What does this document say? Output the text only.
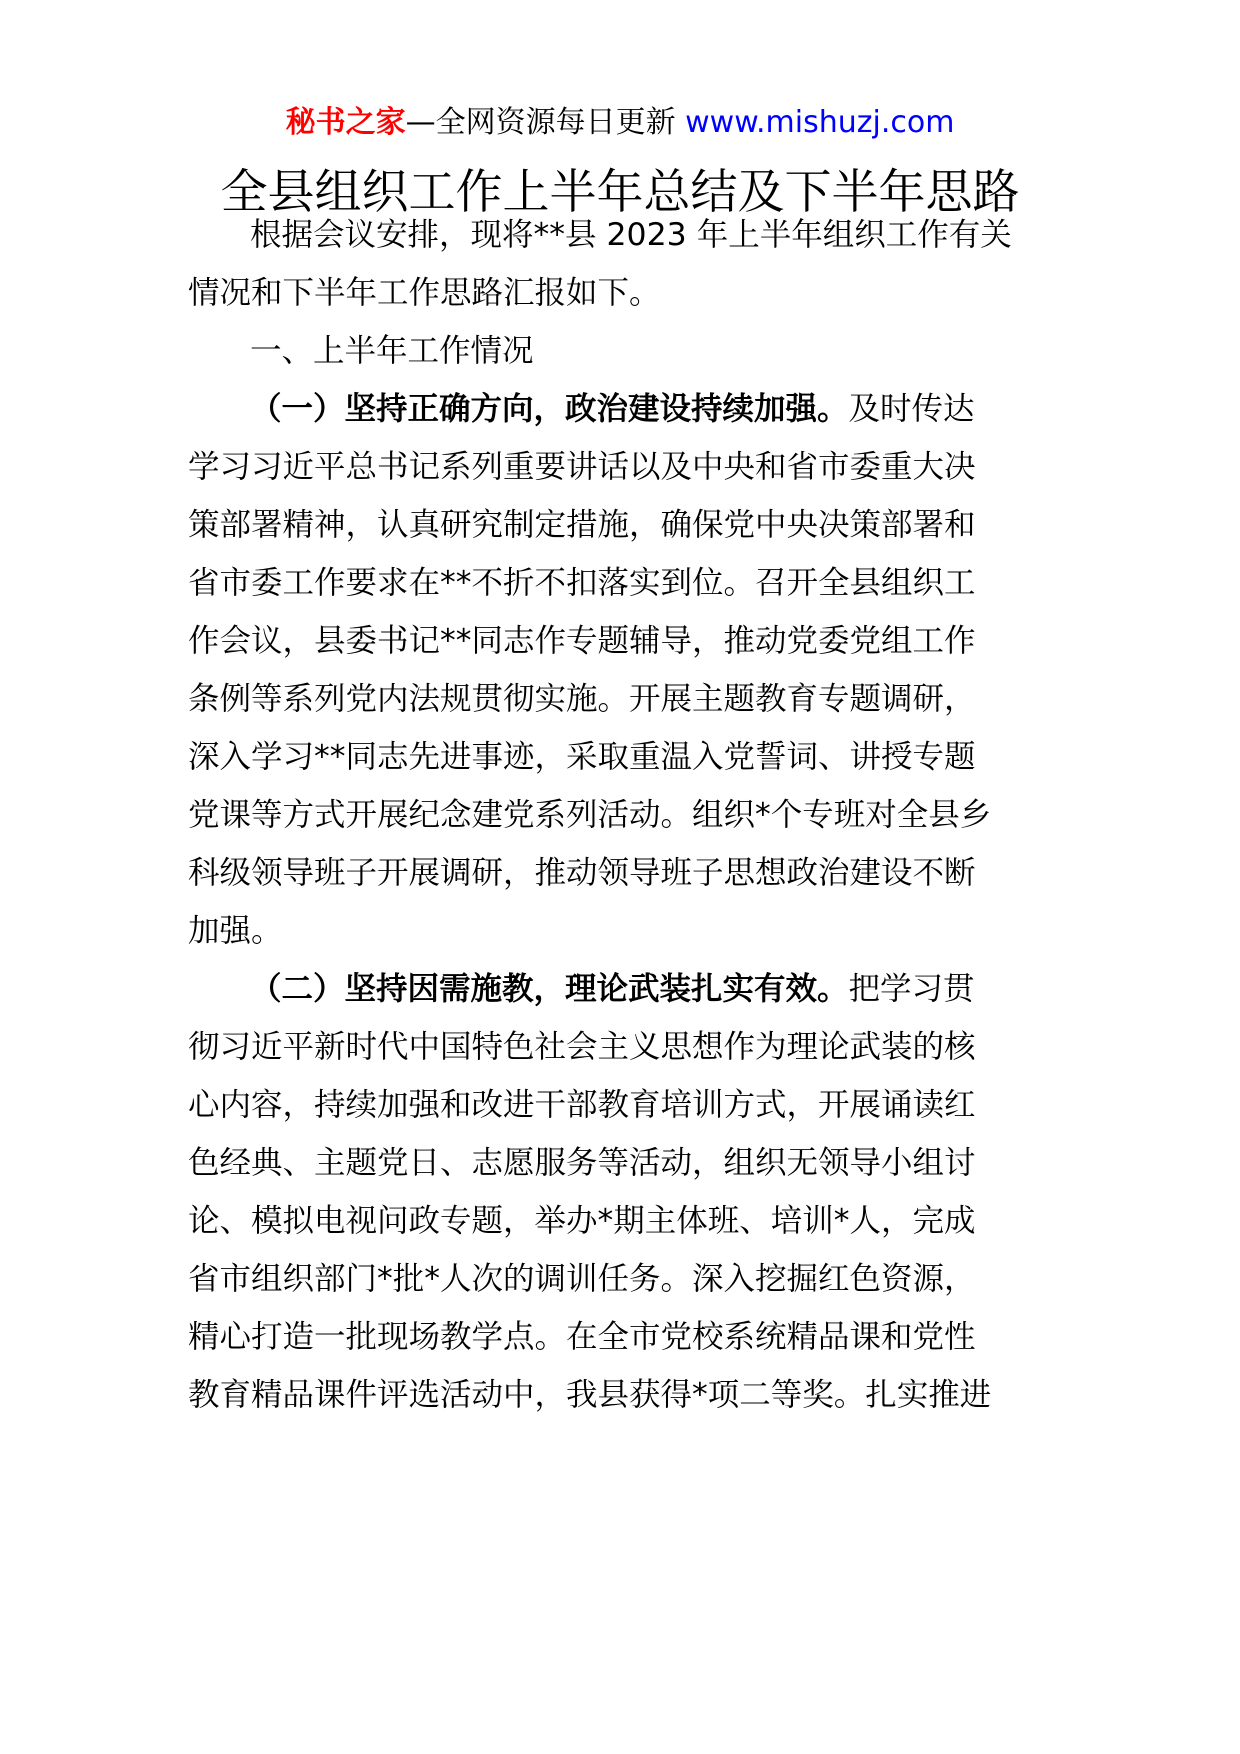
秘书之家—全网资源每日更新 www.mishuzj.com
全县组织工作上半年总结及下半年思路
根据会议安排，现将**县 2023 年上半年组织工作有关
情况和下半年工作思路汇报如下。
一、上半年工作情况
（一）坚持正确方向，政治建设持续加强。及时传达
学习习近平总书记系列重要讲话以及中央和省市委重大决
策部署精神，认真研究制定措施，确保党中央决策部署和
省市委工作要求在**不折不扣落实到位。召开全县组织工
作会议，县委书记**同志作专题辅导，推动党委党组工作
条例等系列党内法规贯彻实施。开展主题教育专题调研，
深入学习**同志先进事迹，采取重温入党誓词、讲授专题
党课等方式开展纪念建党系列活动。组织*个专班对全县乡
科级领导班子开展调研，推动领导班子思想政治建设不断
加强。
（二）坚持因需施教，理论武装扎实有效。把学习贯
彻习近平新时代中国特色社会主义思想作为理论武装的核
心内容，持续加强和改进干部教育培训方式，开展诵读红
色经典、主题党日、志愿服务等活动，组织无领导小组讨
论、模拟电视问政专题，举办*期主体班、培训*人，完成
省市组织部门*批*人次的调训任务。深入挖掘红色资源，
精心打造一批现场教学点。在全市党校系统精品课和党性
教育精品课件评选活动中，我县获得*项二等奖。扎实推进
